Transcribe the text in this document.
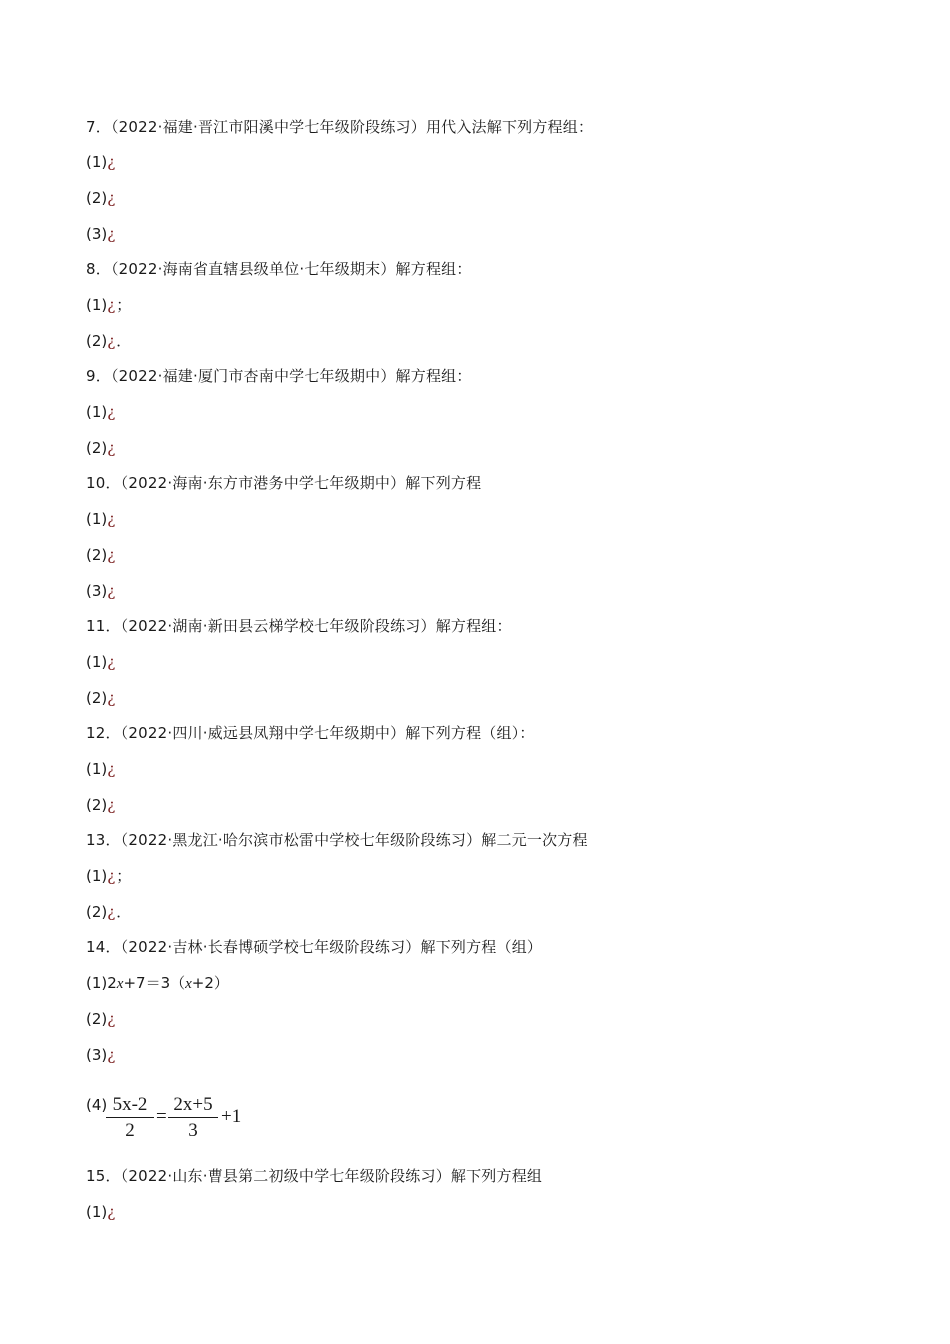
7．（2022·福建·晋江市阳溪中学七年级阶段练习）用代入法解下列方程组：
(1)¿
(2)¿
(3)¿
8．（2022·海南省直辖县级单位·七年级期末）解方程组：
(1)¿；
(2)¿．
9．（2022·福建·厦门市杏南中学七年级期中）解方程组：
(1)¿
(2)¿
10．（2022·海南·东方市港务中学七年级期中）解下列方程
(1)¿
(2)¿
(3)¿
11．（2022·湖南·新田县云梯学校七年级阶段练习）解方程组：
(1)¿
(2)¿
12．（2022·四川·威远县凤翔中学七年级期中）解下列方程（组）：
(1)¿
(2)¿
13．（2022·黑龙江·哈尔滨市松雷中学校七年级阶段练习）解二元一次方程
(1)¿；
(2)¿．
14．（2022·吉林·长春博硕学校七年级阶段练习）解下列方程（组）
(1)2x+7＝3（x+2）
(2)¿
(3)¿
(4)
$\frac{5x-2}{2} = \frac{2x+5}{3} +1$
15．（2022·山东·曹县第二初级中学七年级阶段练习）解下列方程组
(1)¿
